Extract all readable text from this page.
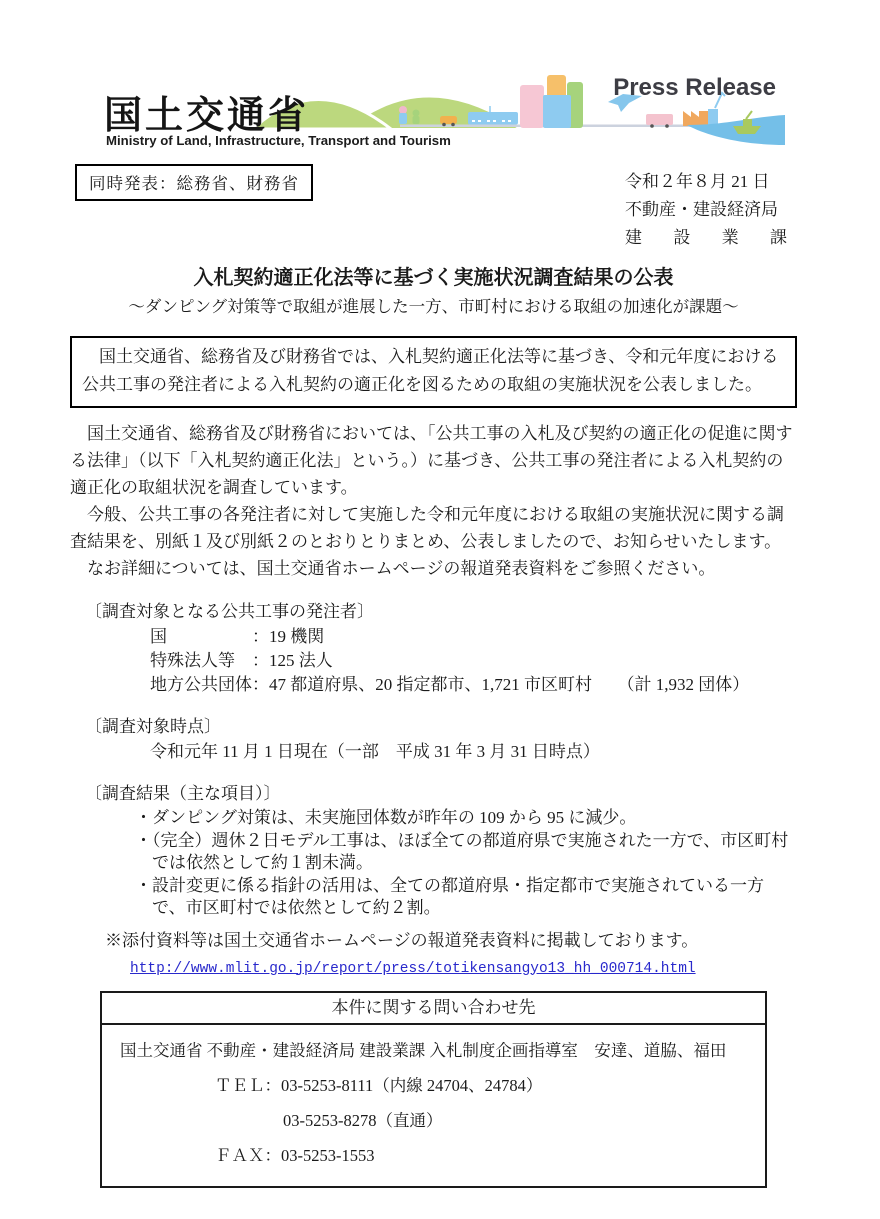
国土交通省
Ministry of Land, Infrastructure, Transport and Tourism
Press Release
同時発表：総務省、財務省	令和２年８月 21 日
不動産・建設経済局
建設業課
入札契約適正化法等に基づく実施状況調査結果の公表
～ダンピング対策等で取組が進展した一方、市町村における取組の加速化が課題～
　国土交通省、総務省及び財務省では、入札契約適正化法等に基づき、令和元年度における公共工事の発注者による入札契約の適正化を図るための取組の実施状況を公表しました。

　国土交通省、総務省及び財務省においては、「公共工事の入札及び契約の適正化の促進に関する法律」（以下「入札契約適正化法」という。）に基づき、公共工事の発注者による入札契約の適正化の取組状況を調査しています。

　今般、公共工事の各発注者に対して実施した令和元年度における取組の実施状況に関する調査結果を、別紙１及び別紙２のとおりとりまとめ、公表しましたので、お知らせいたします。

　なお詳細については、国土交通省ホームページの報道発表資料をご参照ください。

〔調査対象となる公共工事の発注者〕
国	：19 機関
特殊法人等 ：125 法人
地方公共団体：47 都道府県、20 指定都市、1,721 市区町村　　（計 1,932 団体）
〔調査対象時点〕
令和元年 11 月 1 日現在（一部　平成 31 年 3 月 31 日時点）
〔調査結果（主な項目）〕
・ダンピング対策は、未実施団体数が昨年の 109 から 95 に減少。
・（完全）週休２日モデル工事は、ほぼ全ての都道府県で実施された一方で、市区町村では依然として約１割未満。
・設計変更に係る指針の活用は、全ての都道府県・指定都市で実施されている一方で、市区町村では依然として約２割。
※添付資料等は国土交通省ホームページの報道発表資料に掲載しております。
http://www.mlit.go.jp/report/press/totikensangyo13_hh_000714.html
本件に関する問い合わせ先
国土交通省 不動産・建設経済局 建設業課 入札制度企画指導室　安達、道脇、福田
ＴＥＬ：03-5253-8111（内線 24704、24784）
03-5253-8278（直通）
ＦＡＸ：03-5253-1553
